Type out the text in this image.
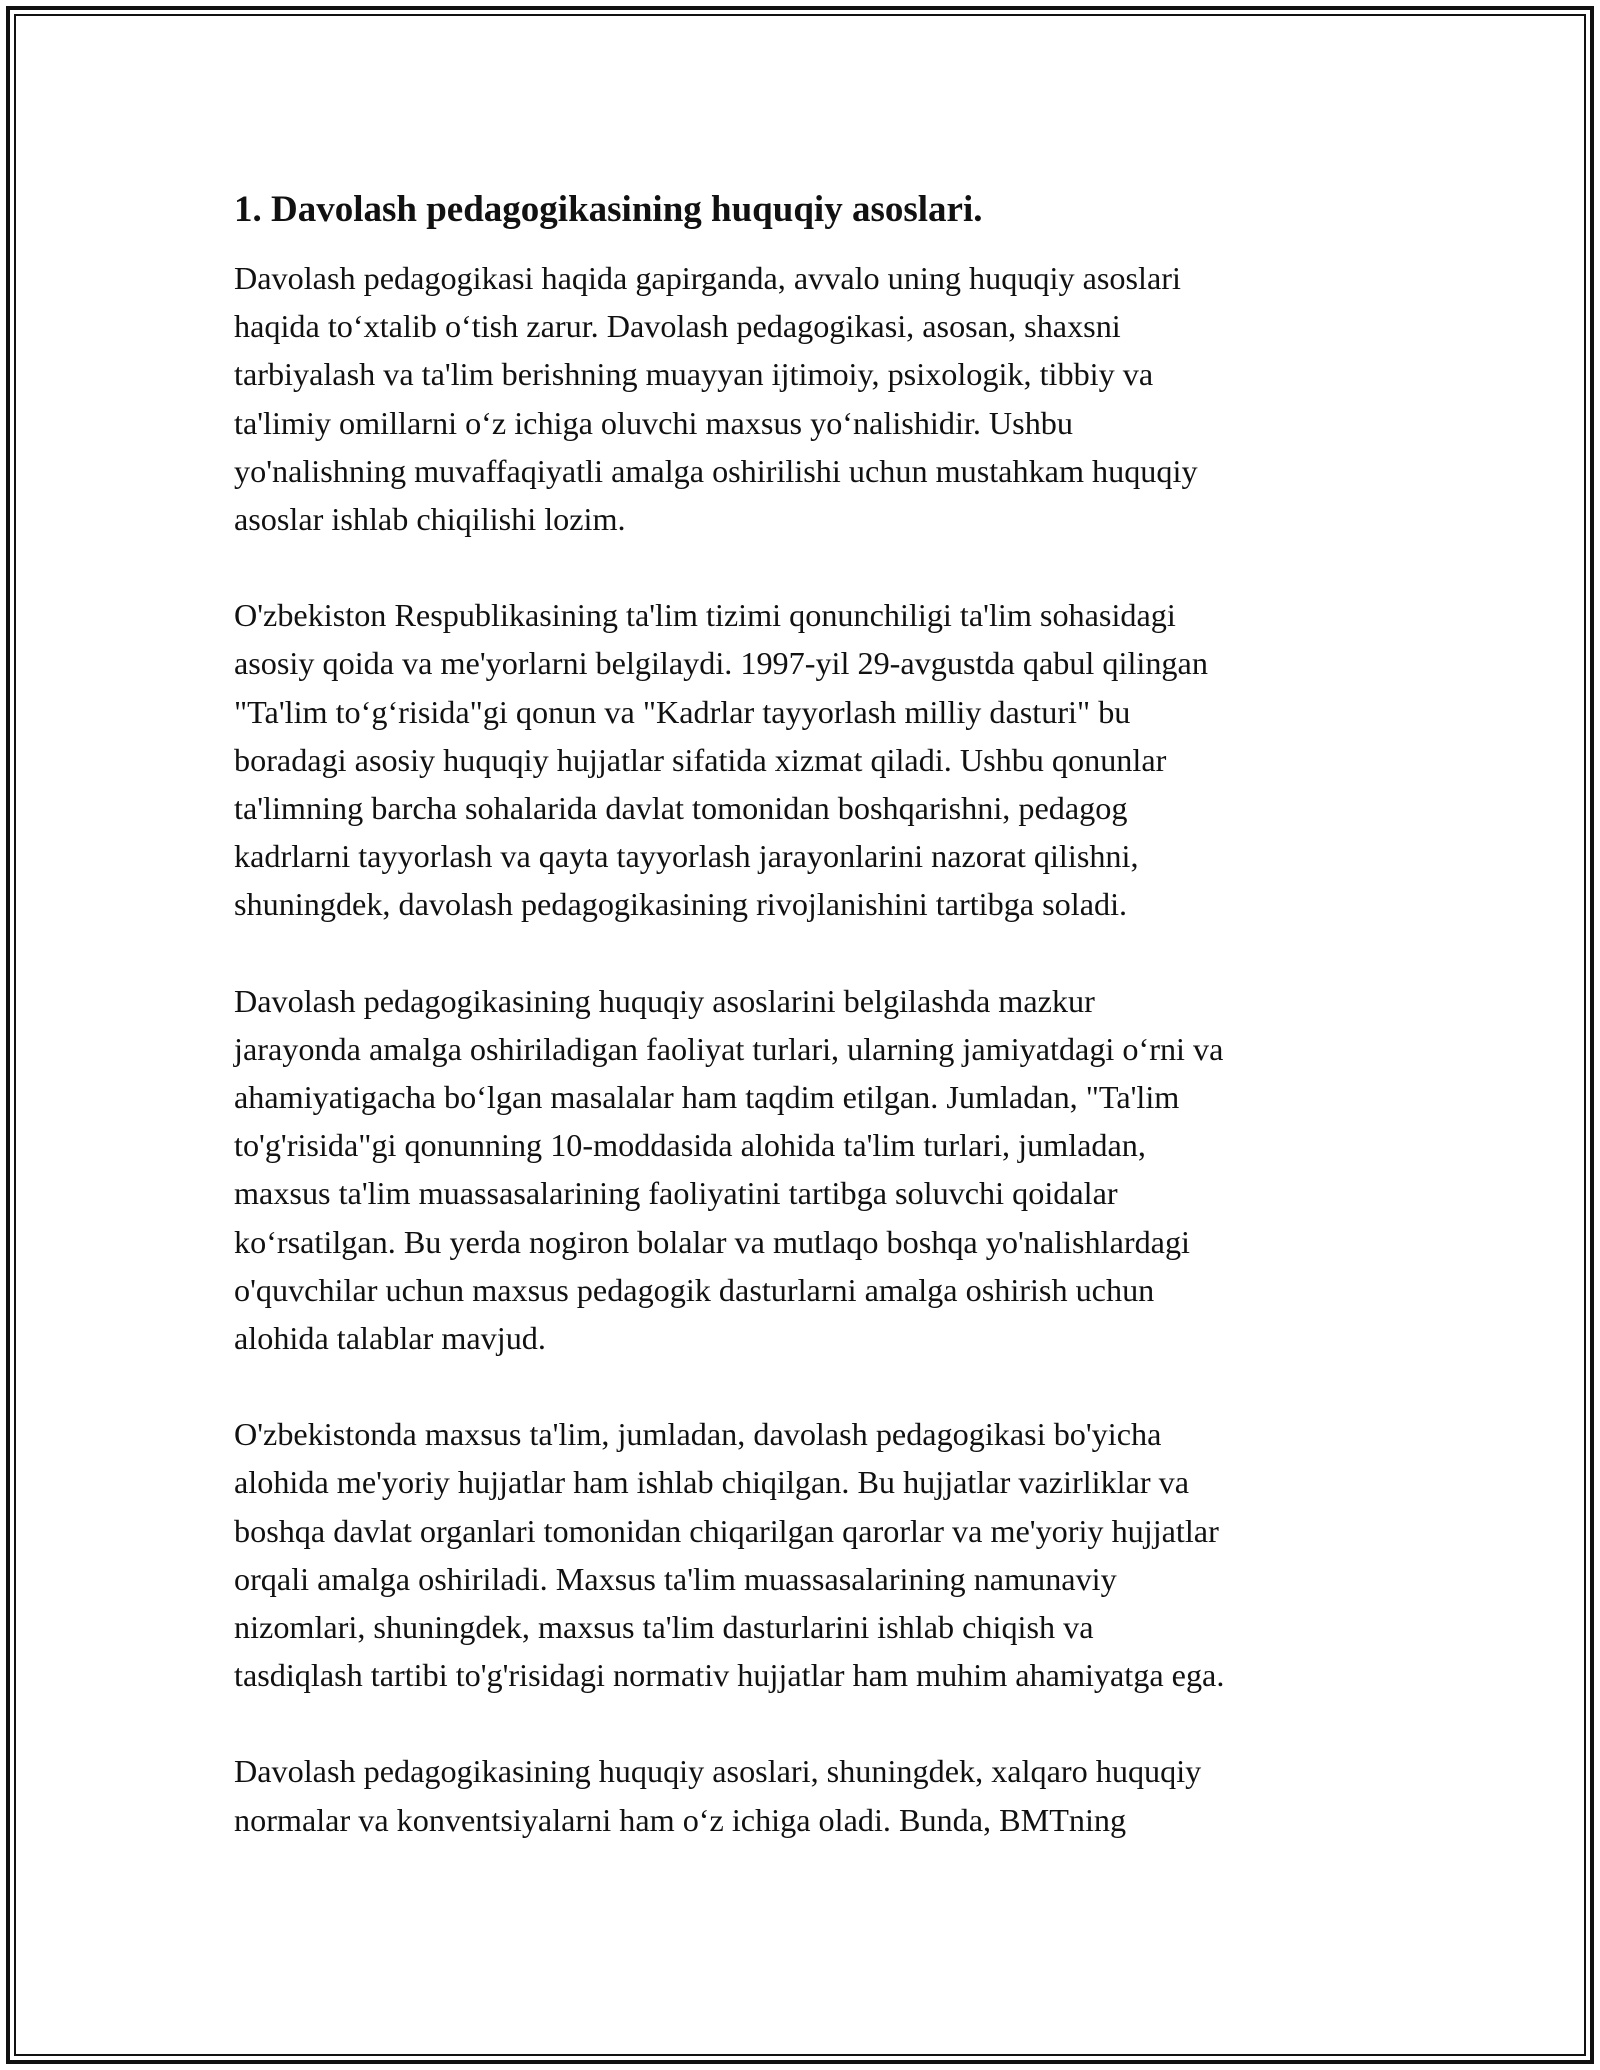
1. Davolash pedagogikasining huquqiy asoslari.

Davolash pedagogikasi haqida gapirganda, avvalo uning huquqiy asoslari
haqida to‘xtalib o‘tish zarur. Davolash pedagogikasi, asosan, shaxsni
tarbiyalash va ta'lim berishning muayyan ijtimoiy, psixologik, tibbiy va
ta'limiy omillarni o‘z ichiga oluvchi maxsus yo‘nalishidir. Ushbu
yo'nalishning muvaffaqiyatli amalga oshirilishi uchun mustahkam huquqiy
asoslar ishlab chiqilishi lozim.

O'zbekiston Respublikasining ta'lim tizimi qonunchiligi ta'lim sohasidagi
asosiy qoida va me'yorlarni belgilaydi. 1997-yil 29-avgustda qabul qilingan
"Ta'lim to‘g‘risida"gi qonun va "Kadrlar tayyorlash milliy dasturi" bu
boradagi asosiy huquqiy hujjatlar sifatida xizmat qiladi. Ushbu qonunlar
ta'limning barcha sohalarida davlat tomonidan boshqarishni, pedagog
kadrlarni tayyorlash va qayta tayyorlash jarayonlarini nazorat qilishni,
shuningdek, davolash pedagogikasining rivojlanishini tartibga soladi.

Davolash pedagogikasining huquqiy asoslarini belgilashda mazkur
jarayonda amalga oshiriladigan faoliyat turlari, ularning jamiyatdagi o‘rni va
ahamiyatigacha bo‘lgan masalalar ham taqdim etilgan. Jumladan, "Ta'lim
to'g'risida"gi qonunning 10-moddasida alohida ta'lim turlari, jumladan,
maxsus ta'lim muassasalarining faoliyatini tartibga soluvchi qoidalar
ko‘rsatilgan. Bu yerda nogiron bolalar va mutlaqo boshqa yo'nalishlardagi
o'quvchilar uchun maxsus pedagogik dasturlarni amalga oshirish uchun
alohida talablar mavjud.

O'zbekistonda maxsus ta'lim, jumladan, davolash pedagogikasi bo'yicha
alohida me'yoriy hujjatlar ham ishlab chiqilgan. Bu hujjatlar vazirliklar va
boshqa davlat organlari tomonidan chiqarilgan qarorlar va me'yoriy hujjatlar
orqali amalga oshiriladi. Maxsus ta'lim muassasalarining namunaviy
nizomlari, shuningdek, maxsus ta'lim dasturlarini ishlab chiqish va
tasdiqlash tartibi to'g'risidagi normativ hujjatlar ham muhim ahamiyatga ega.

Davolash pedagogikasining huquqiy asoslari, shuningdek, xalqaro huquqiy
normalar va konventsiyalarni ham o‘z ichiga oladi. Bunda, BMTning
